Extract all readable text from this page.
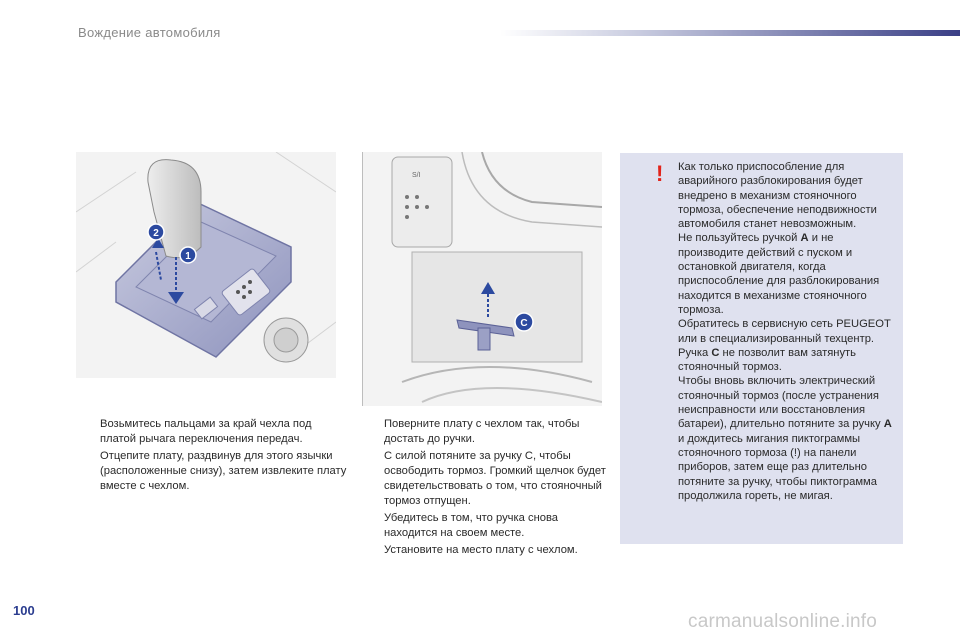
Вождение автомобиля
2
1
S/I
C
Возьмитесь пальцами за край чехла под платой рычага переключения передач.
Отцепите плату, раздвинув для этого язычки (расположенные снизу), затем извлеките плату вместе с чехлом.
Поверните плату с чехлом так, чтобы достать до ручки.
С силой потяните за ручку C, чтобы освободить тормоз. Громкий щелчок будет свидетельствовать о том, что стояночный тормоз отпущен.
Убедитесь в том, что ручка снова находится на своем месте.
Установите на место плату с чехлом.
! Как только приспособление для аварийного разблокирования будет внедрено в механизм стояночного тормоза, обеспечение неподвижности автомобиля станет невозможным.
Не пользуйтесь ручкой A и не производите действий с пуском и остановкой двигателя, когда приспособление для разблокирования находится в механизме стояночного тормоза.
Обратитесь в сервисную сеть PEUGEOT или в специализированный техцентр.
Ручка C не позволит вам затянуть стояночный тормоз.
Чтобы вновь включить электрический стояночный тормоз (после устранения неисправности или восстановления батареи), длительно потяните за ручку A и дождитесь мигания пиктограммы стояночного тормоза (!) на панели приборов, затем еще раз длительно потяните за ручку, чтобы пиктограмма продолжила гореть, не мигая.
100
carmanualsonline.info
